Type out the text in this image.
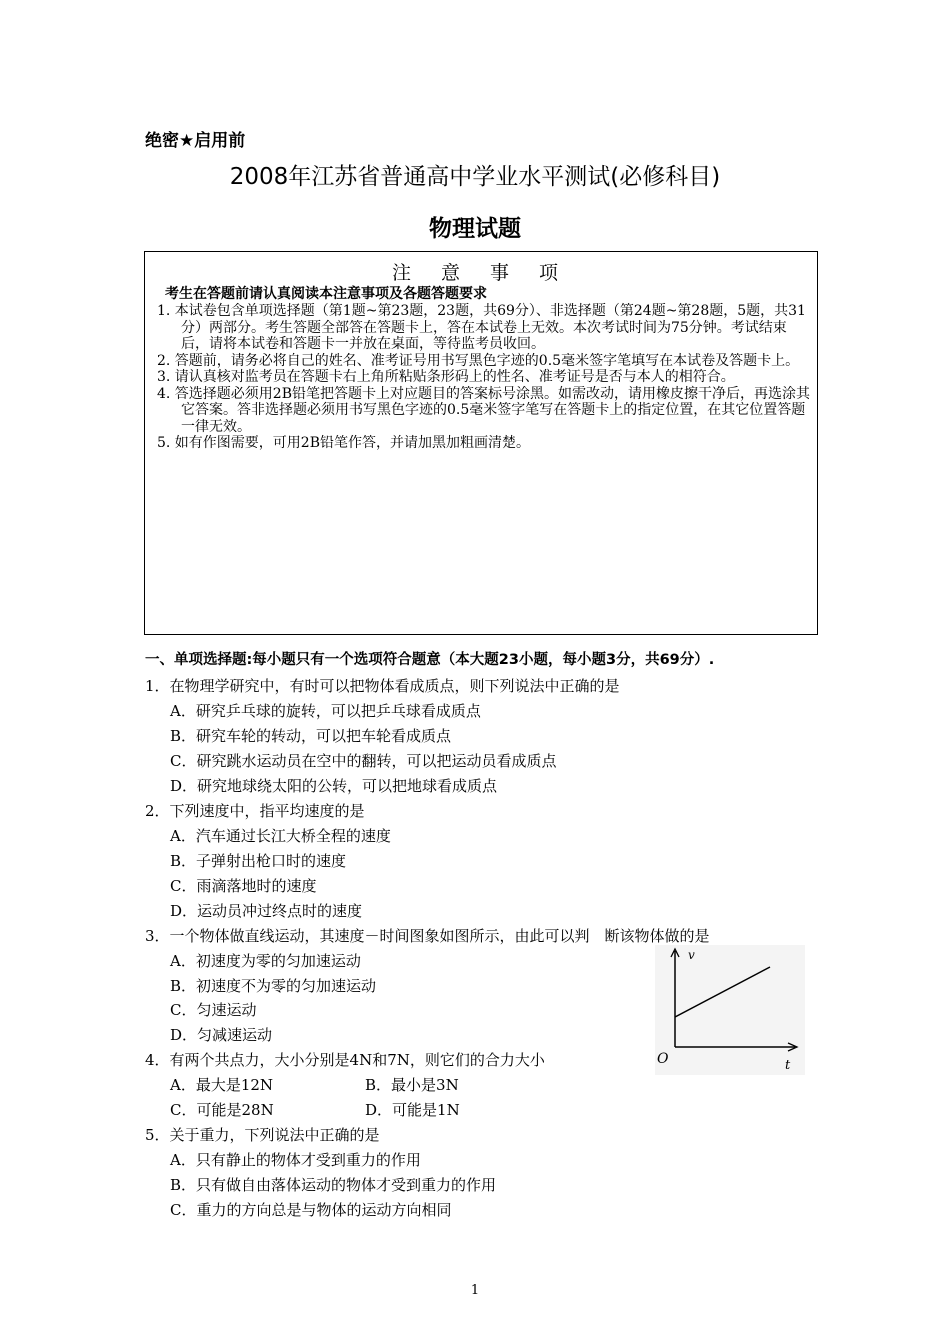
绝密★启用前
2008年江苏省普通高中学业水平测试(必修科目)
物理试题
注 意 事 项
考生在答题前请认真阅读本注意事项及各题答题要求

1. 本试卷包含单项选择题（第1题~第23题，23题，共69分）、非选择题（第24题~第28题，5题，共31分）两部分。考生答题全部答在答题卡上，答在本试卷上无效。本次考试时间为75分钟。考试结束后，请将本试卷和答题卡一并放在桌面，等待监考员收回。

2. 答题前，请务必将自己的姓名、准考证号用书写黑色字迹的0.5毫米签字笔填写在本试卷及答题卡上。

3. 请认真核对监考员在答题卡右上角所粘贴条形码上的性名、准考证号是否与本人的相符合。

4. 答选择题必须用2B铅笔把答题卡上对应题目的答案标号涂黑。如需改动，请用橡皮擦干净后，再选涂其它答案。答非选择题必须用书写黑色字迹的0.5毫米签字笔写在答题卡上的指定位置，在其它位置答题一律无效。

5. 如有作图需要，可用2B铅笔作答，并请加黑加粗画清楚。

一、单项选择题:每小题只有一个选项符合题意（本大题23小题，每小题3分，共69分）.
1．在物理学研究中，有时可以把物体看成质点，则下列说法中正确的是
A．研究乒乓球的旋转，可以把乒乓球看成质点
B．研究车轮的转动，可以把车轮看成质点
C．研究跳水运动员在空中的翻转，可以把运动员看成质点
D．研究地球绕太阳的公转，可以把地球看成质点
2．下列速度中，指平均速度的是
A．汽车通过长江大桥全程的速度
B．子弹射出枪口时的速度
C．雨滴落地时的速度
D．运动员冲过终点时的速度
3．一个物体做直线运动，其速度－时间图象如图所示，由此可以判　断该物体做的是
A．初速度为零的匀加速运动
B．初速度不为零的匀加速运动
C．匀速运动
D．匀减速运动
v
O	t
4．有两个共点力，大小分别是4N和7N，则它们的合力大小
A．最大是12N	B．最小是3N
C．可能是28N	D．可能是1N
5．关于重力，下列说法中正确的是
A．只有静止的物体才受到重力的作用
B．只有做自由落体运动的物体才受到重力的作用
C．重力的方向总是与物体的运动方向相同
1
